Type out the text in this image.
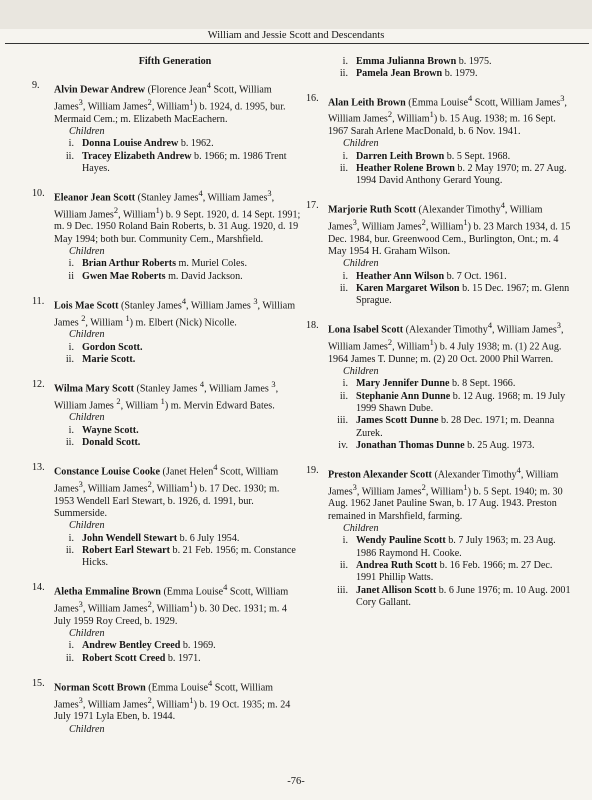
William and Jessie Scott and Descendants
Fifth Generation
9.	Alvin Dewar Andrew (Florence Jean$^4$ Scott, William James$^3$, William James$^2$, William$^1$) b. 1924, d. 1995, bur. Mermaid Cem.; m. Elizabeth MacEachern.
Children
i. Donna Louise Andrew b. 1962.
ii. Tracey Elizabeth Andrew b. 1966; m. 1986 Trent Hayes.
10. Eleanor Jean Scott (Stanley James$^4$, William James$^3$, William James$^2$, William$^1$) b. 9 Sept. 1920, d. 14 Sept. 1991; m. 9 Dec. 1950 Roland Bain Roberts, b. 31 Aug. 1920, d. 19 May 1994; both bur. Community Cem., Marshfield.
Children
i. Brian Arthur Roberts m. Muriel Coles.
ii Gwen Mae Roberts m. David Jackson.
11. Lois Mae Scott (Stanley James$^4$, William James $^3$, William James $^2$, William $^1$) m. Elbert (Nick) Nicolle.
Children
i. Gordon Scott.
ii. Marie Scott.
12. Wilma Mary Scott (Stanley James $^4$, William James $^3$, William James $^2$, William $^1$) m. Mervin Edward Bates.
Children
i. Wayne Scott.
ii. Donald Scott.
13. Constance Louise Cooke (Janet Helen$^4$ Scott, William James$^3$, William James$^2$, William$^1$) b. 17 Dec. 1930; m. 1953 Wendell Earl Stewart, b. 1926, d. 1991, bur. Summerside.
Children
i. John Wendell Stewart b. 6 July 1954.
ii. Robert Earl Stewart b. 21 Feb. 1956; m. Constance Hicks.
14. Aletha Emmaline Brown (Emma Louise$^4$ Scott, William James$^3$, William James$^2$, William$^1$) b. 30 Dec. 1931; m. 4 July 1959 Roy Creed, b. 1929.
Children
i. Andrew Bentley Creed b. 1969.
ii. Robert Scott Creed b. 1971.
15. Norman Scott Brown (Emma Louise$^4$ Scott, William James$^3$, William James$^2$, William$^1$) b. 19 Oct. 1935; m. 24 July 1971 Lyla Eben, b. 1944.
Children
i. Emma Julianna Brown b. 1975.
ii. Pamela Jean Brown b. 1979.
16. Alan Leith Brown (Emma Louise$^4$ Scott, William James$^3$, William James$^2$, William$^1$) b. 15 Aug. 1938; m. 16 Sept. 1967 Sarah Arlene MacDonald, b. 6 Nov. 1941.
Children
i. Darren Leith Brown b. 5 Sept. 1968.
ii. Heather Rolene Brown b. 2 May 1970; m. 27 Aug. 1994 David Anthony Gerard Young.
17. Marjorie Ruth Scott (Alexander Timothy$^4$, William James$^3$, William James$^2$, William$^1$) b. 23 March 1934, d. 15 Dec. 1984, bur. Greenwood Cem., Burlington, Ont.; m. 4 May 1954 H. Graham Wilson.
Children
i. Heather Ann Wilson b. 7 Oct. 1961.
ii. Karen Margaret Wilson b. 15 Dec. 1967; m. Glenn Sprague.
18. Lona Isabel Scott (Alexander Timothy$^4$, William James$^3$, William James$^2$, William$^1$) b. 4 July 1938; m. (1) 22 Aug. 1964 James T. Dunne; m. (2) 20 Oct. 2000 Phil Warren.
Children
i. Mary Jennifer Dunne b. 8 Sept. 1966.
ii. Stephanie Ann Dunne b. 12 Aug. 1968; m. 19 July 1999 Shawn Dube.
iii. James Scott Dunne b. 28 Dec. 1971; m. Deanna Zurek.
iv. Jonathan Thomas Dunne b. 25 Aug. 1973.
19. Preston Alexander Scott (Alexander Timothy$^4$, William James$^3$, William James$^2$, William$^1$) b. 5 Sept. 1940; m. 30 Aug. 1962 Janet Pauline Swan, b. 17 Aug. 1943. Preston remained in Marshfield, farming.
Children
i. Wendy Pauline Scott b. 7 July 1963; m. 23 Aug. 1986 Raymond H. Cooke.
ii. Andrea Ruth Scott b. 16 Feb. 1966; m. 27 Dec. 1991 Phillip Watts.
iii. Janet Allison Scott b. 6 June 1976; m. 10 Aug. 2001 Cory Gallant.
-76-
